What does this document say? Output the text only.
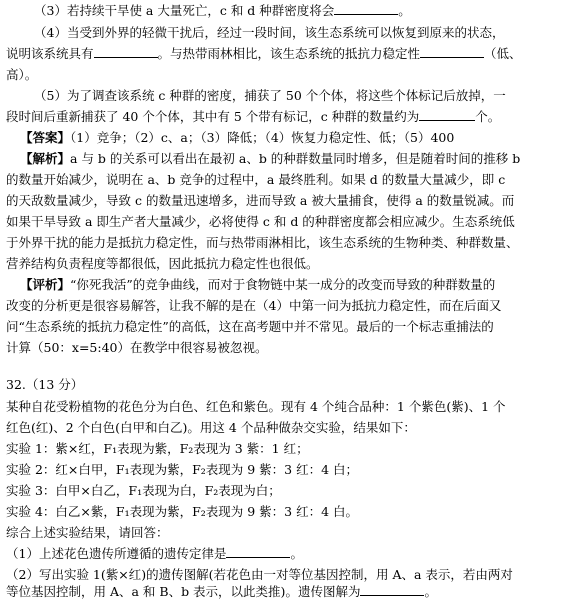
（3）若持续干旱使 a 大量死亡，c 和 d 种群密度将会	。
（4）当受到外界的轻微干扰后，经过一段时间，该生态系统可以恢复到原来的状态，
说明该系统具有	。与热带雨林相比，该生态系统的抵抗力稳定性	（低、
高）。
（5）为了调查该系统 c 种群的密度，捕获了 50 个个体，将这些个体标记后放掉，一
段时间后重新捕获了 40 个个体，其中有 5 个带有标记，c 种群的数量约为	个。
【答案】（1）竞争；（2）c、a；（3）降低；（4）恢复力稳定性、低；（5）400
【解析】a 与 b 的关系可以看出在最初 a、b 的种群数量同时增多，但是随着时间的推移 b
的数量开始减少，说明在 a、b 竞争的过程中，a 最终胜利。如果 d 的数量大量减少，即 c
的天敌数量减少，导致 c 的数量迅速增多，进而导致 a 被大量捕食，使得 a 的数量锐减。而
如果干旱导致 a 即生产者大量减少，必将使得 c 和 d 的种群密度都会相应减少。生态系统低
于外界干扰的能力是抵抗力稳定性，而与热带雨淋相比，该生态系统的生物种类、种群数量、
营养结构负责程度等都很低，因此抵抗力稳定性也很低。
【评析】“你死我活”的竞争曲线，而对于食物链中某一成分的改变而导致的种群数量的
改变的分析更是很容易解答，让我不解的是在（4）中第一问为抵抗力稳定性，而在后面又
问“生态系统的抵抗力稳定性”的高低，这在高考题中并不常见。最后的一个标志重捕法的
计算（50：x=5:40）在教学中很容易被忽视。
32.（13 分）
某种自花受粉植物的花色分为白色、红色和紫色。现有 4 个纯合品种：1 个紫色(紫)、1 个
红色(红)、2 个白色(白甲和白乙)。用这 4 个品种做杂交实验，结果如下：
实验 1：紫×红，F₁表现为紫，F₂表现为 3 紫：1 红；
实验 2：红×白甲，F₁表现为紫，F₂表现为 9 紫：3 红：4 白；
实验 3：白甲×白乙，F₁表现为白，F₂表现为白；
实验 4：白乙×紫，F₁表现为紫，F₂表现为 9 紫：3 红：4 白。
综合上述实验结果，请回答：
（1）上述花色遗传所遵循的遗传定律是	。
（2）写出实验 1(紫×红)的遗传图解(若花色由一对等位基因控制，用 A、a 表示，若由两对
等位基因控制，用 A、a 和 B、b 表示，以此类推)。遗传图解为	。
